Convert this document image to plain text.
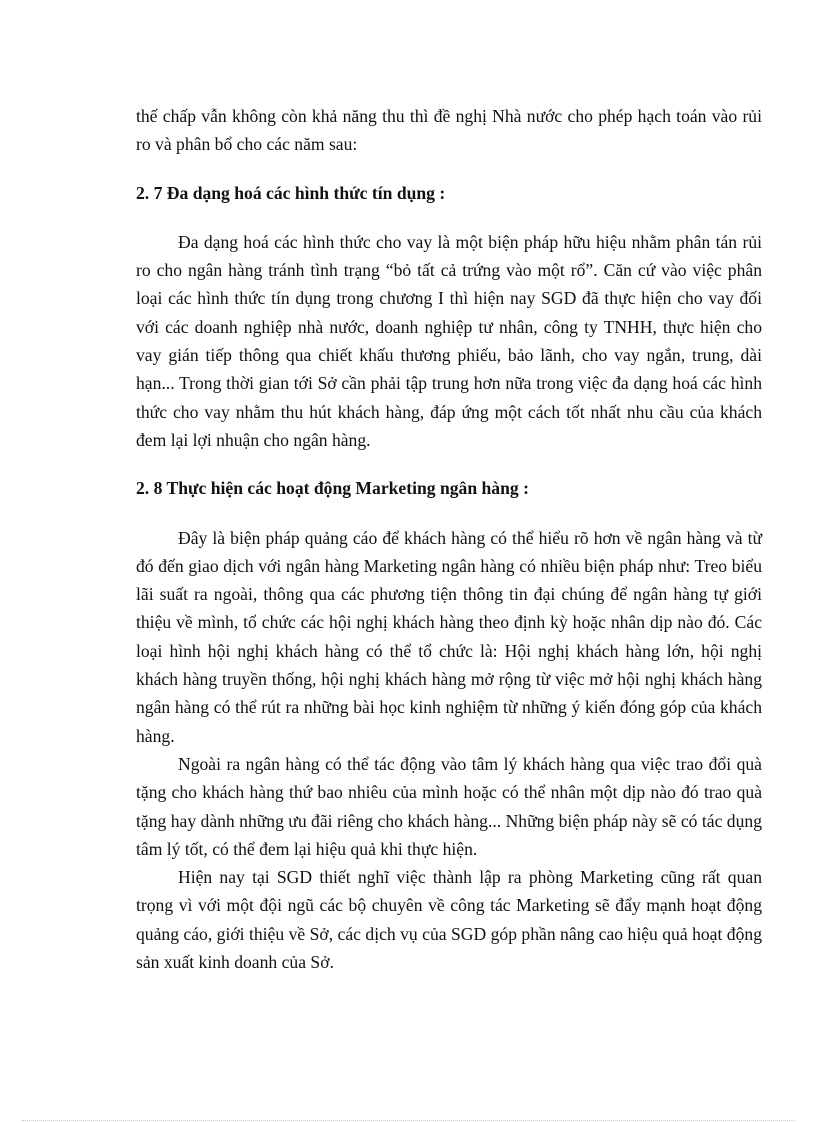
thế chấp vẫn không còn khả năng thu thì đề nghị Nhà nước cho phép hạch toán vào rủi ro và phân bổ cho các năm sau:

2. 7 Đa dạng hoá các hình thức tín dụng :

Đa dạng hoá các hình thức cho vay là một biện pháp hữu hiệu nhằm phân tán rủi ro cho ngân hàng tránh tình trạng “bỏ tất cả trứng vào một rổ”. Căn cứ vào việc phân loại các hình thức tín dụng trong chương I thì hiện nay SGD đã thực hiện cho vay đối với các doanh nghiệp nhà nước, doanh nghiệp tư nhân, công ty TNHH, thực hiện cho vay gián tiếp thông qua chiết khấu thương phiếu, bảo lãnh, cho vay ngắn, trung, dài hạn... Trong thời gian tới Sở cần phải tập trung hơn nữa trong việc đa dạng hoá các hình thức cho vay nhằm thu hút khách hàng, đáp ứng một cách tốt nhất nhu cầu của khách đem lại lợi nhuận cho ngân hàng.

2. 8 Thực hiện các hoạt động Marketing ngân hàng :

Đây là biện pháp quảng cáo để khách hàng có thể hiểu rõ hơn về ngân hàng và từ đó đến giao dịch với ngân hàng Marketing ngân hàng có nhiều biện pháp như: Treo biểu lãi suất ra ngoài, thông qua các phương tiện thông tin đại chúng để ngân hàng tự giới thiệu về mình, tổ chức các hội nghị khách hàng theo định kỳ hoặc nhân dịp nào đó. Các loại hình hội nghị khách hàng có thể tổ chức là: Hội nghị khách hàng lớn, hội nghị khách hàng truyền thống, hội nghị khách hàng mở rộng từ việc mở hội nghị khách hàng ngân hàng có thể rút ra những bài học kinh nghiệm từ những ý kiến đóng góp của khách hàng.

Ngoài ra ngân hàng có thể tác động vào tâm lý khách hàng qua việc trao đổi quà tặng cho khách hàng thứ bao nhiêu của mình hoặc có thể nhân một dịp nào đó trao quà tặng hay dành những ưu đãi riêng cho khách hàng... Những biện pháp này sẽ có tác dụng tâm lý tốt, có thể đem lại hiệu quả khi thực hiện.

Hiện nay tại SGD thiết nghĩ việc thành lập ra phòng Marketing cũng rất quan trọng vì với một đội ngũ các bộ chuyên về công tác Marketing sẽ đẩy mạnh hoạt động quảng cáo, giới thiệu về Sở, các dịch vụ của SGD góp phần nâng cao hiệu quả hoạt động sản xuất kinh doanh của Sở.
